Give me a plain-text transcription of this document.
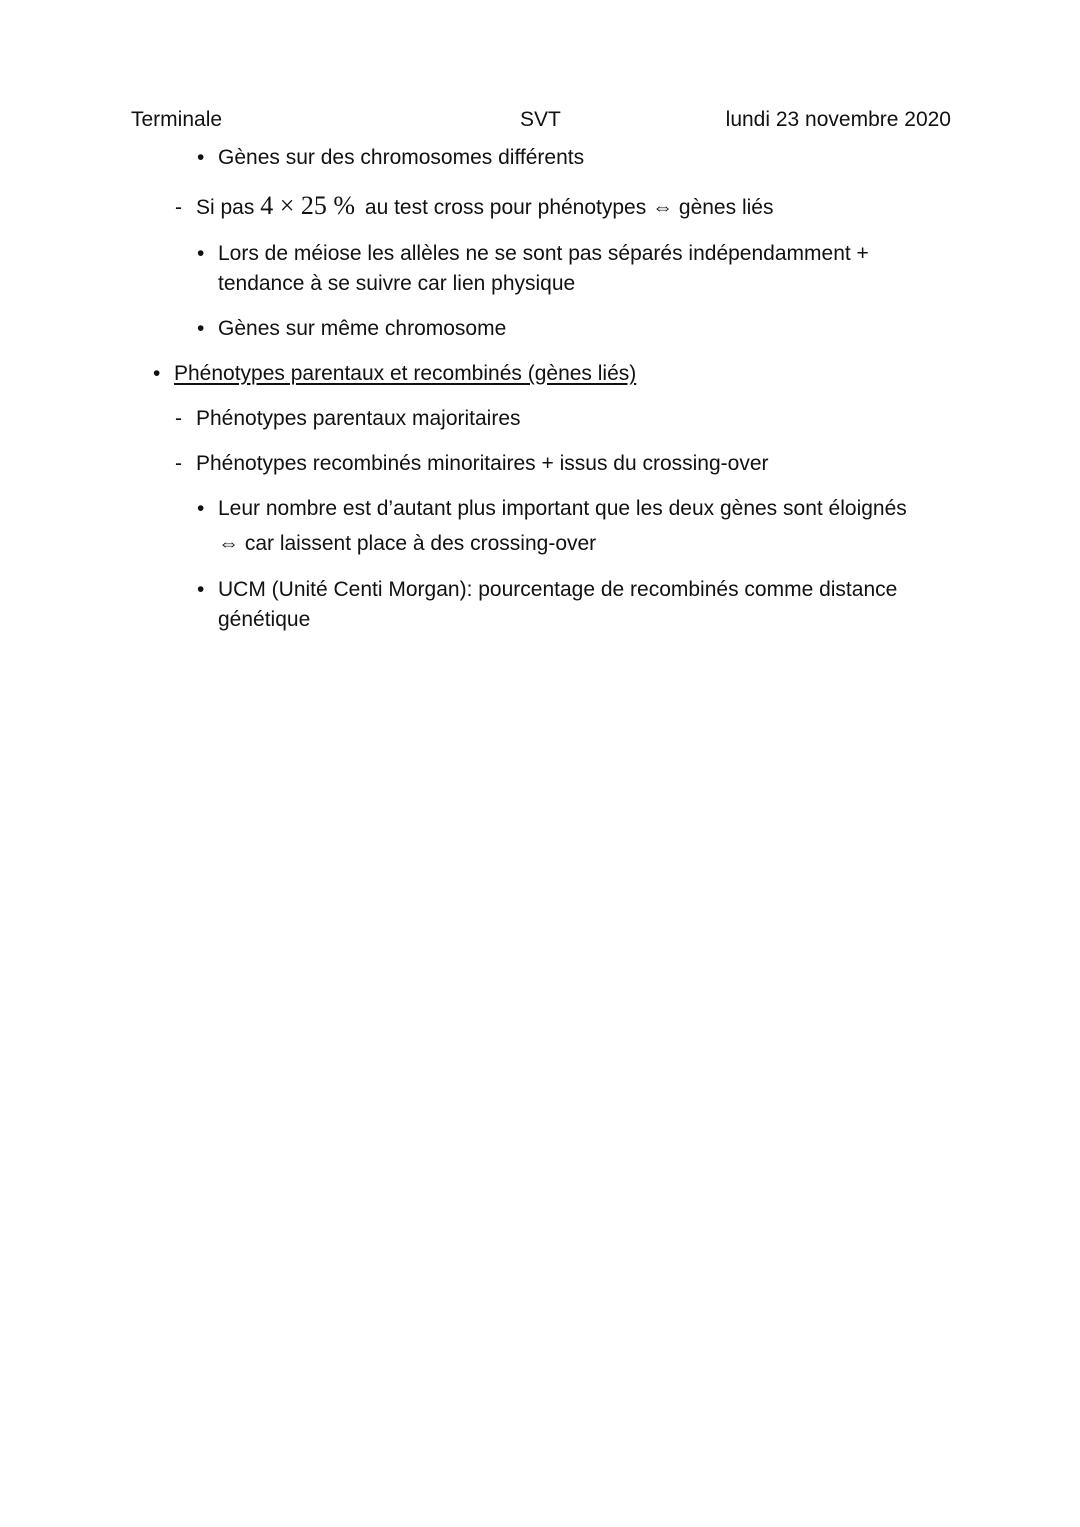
Terminale	SVT	lundi 23 novembre 2020
•
Gènes sur des chromosomes différents
-
Si pas 4 × 25 % au test cross pour phénotypes ⇔ gènes liés
•
Lors de méiose les allèles ne se sont pas séparés indépendamment +
tendance à se suivre car lien physique
•
Gènes sur même chromosome
•
Phénotypes parentaux et recombinés (gènes liés)
-
Phénotypes parentaux majoritaires
-
Phénotypes recombinés minoritaires + issus du crossing-over
•
Leur nombre est d’autant plus important que les deux gènes sont éloignés
⇔ car laissent place à des crossing-over
•
UCM (Unité Centi Morgan): pourcentage de recombinés comme distance
génétique
